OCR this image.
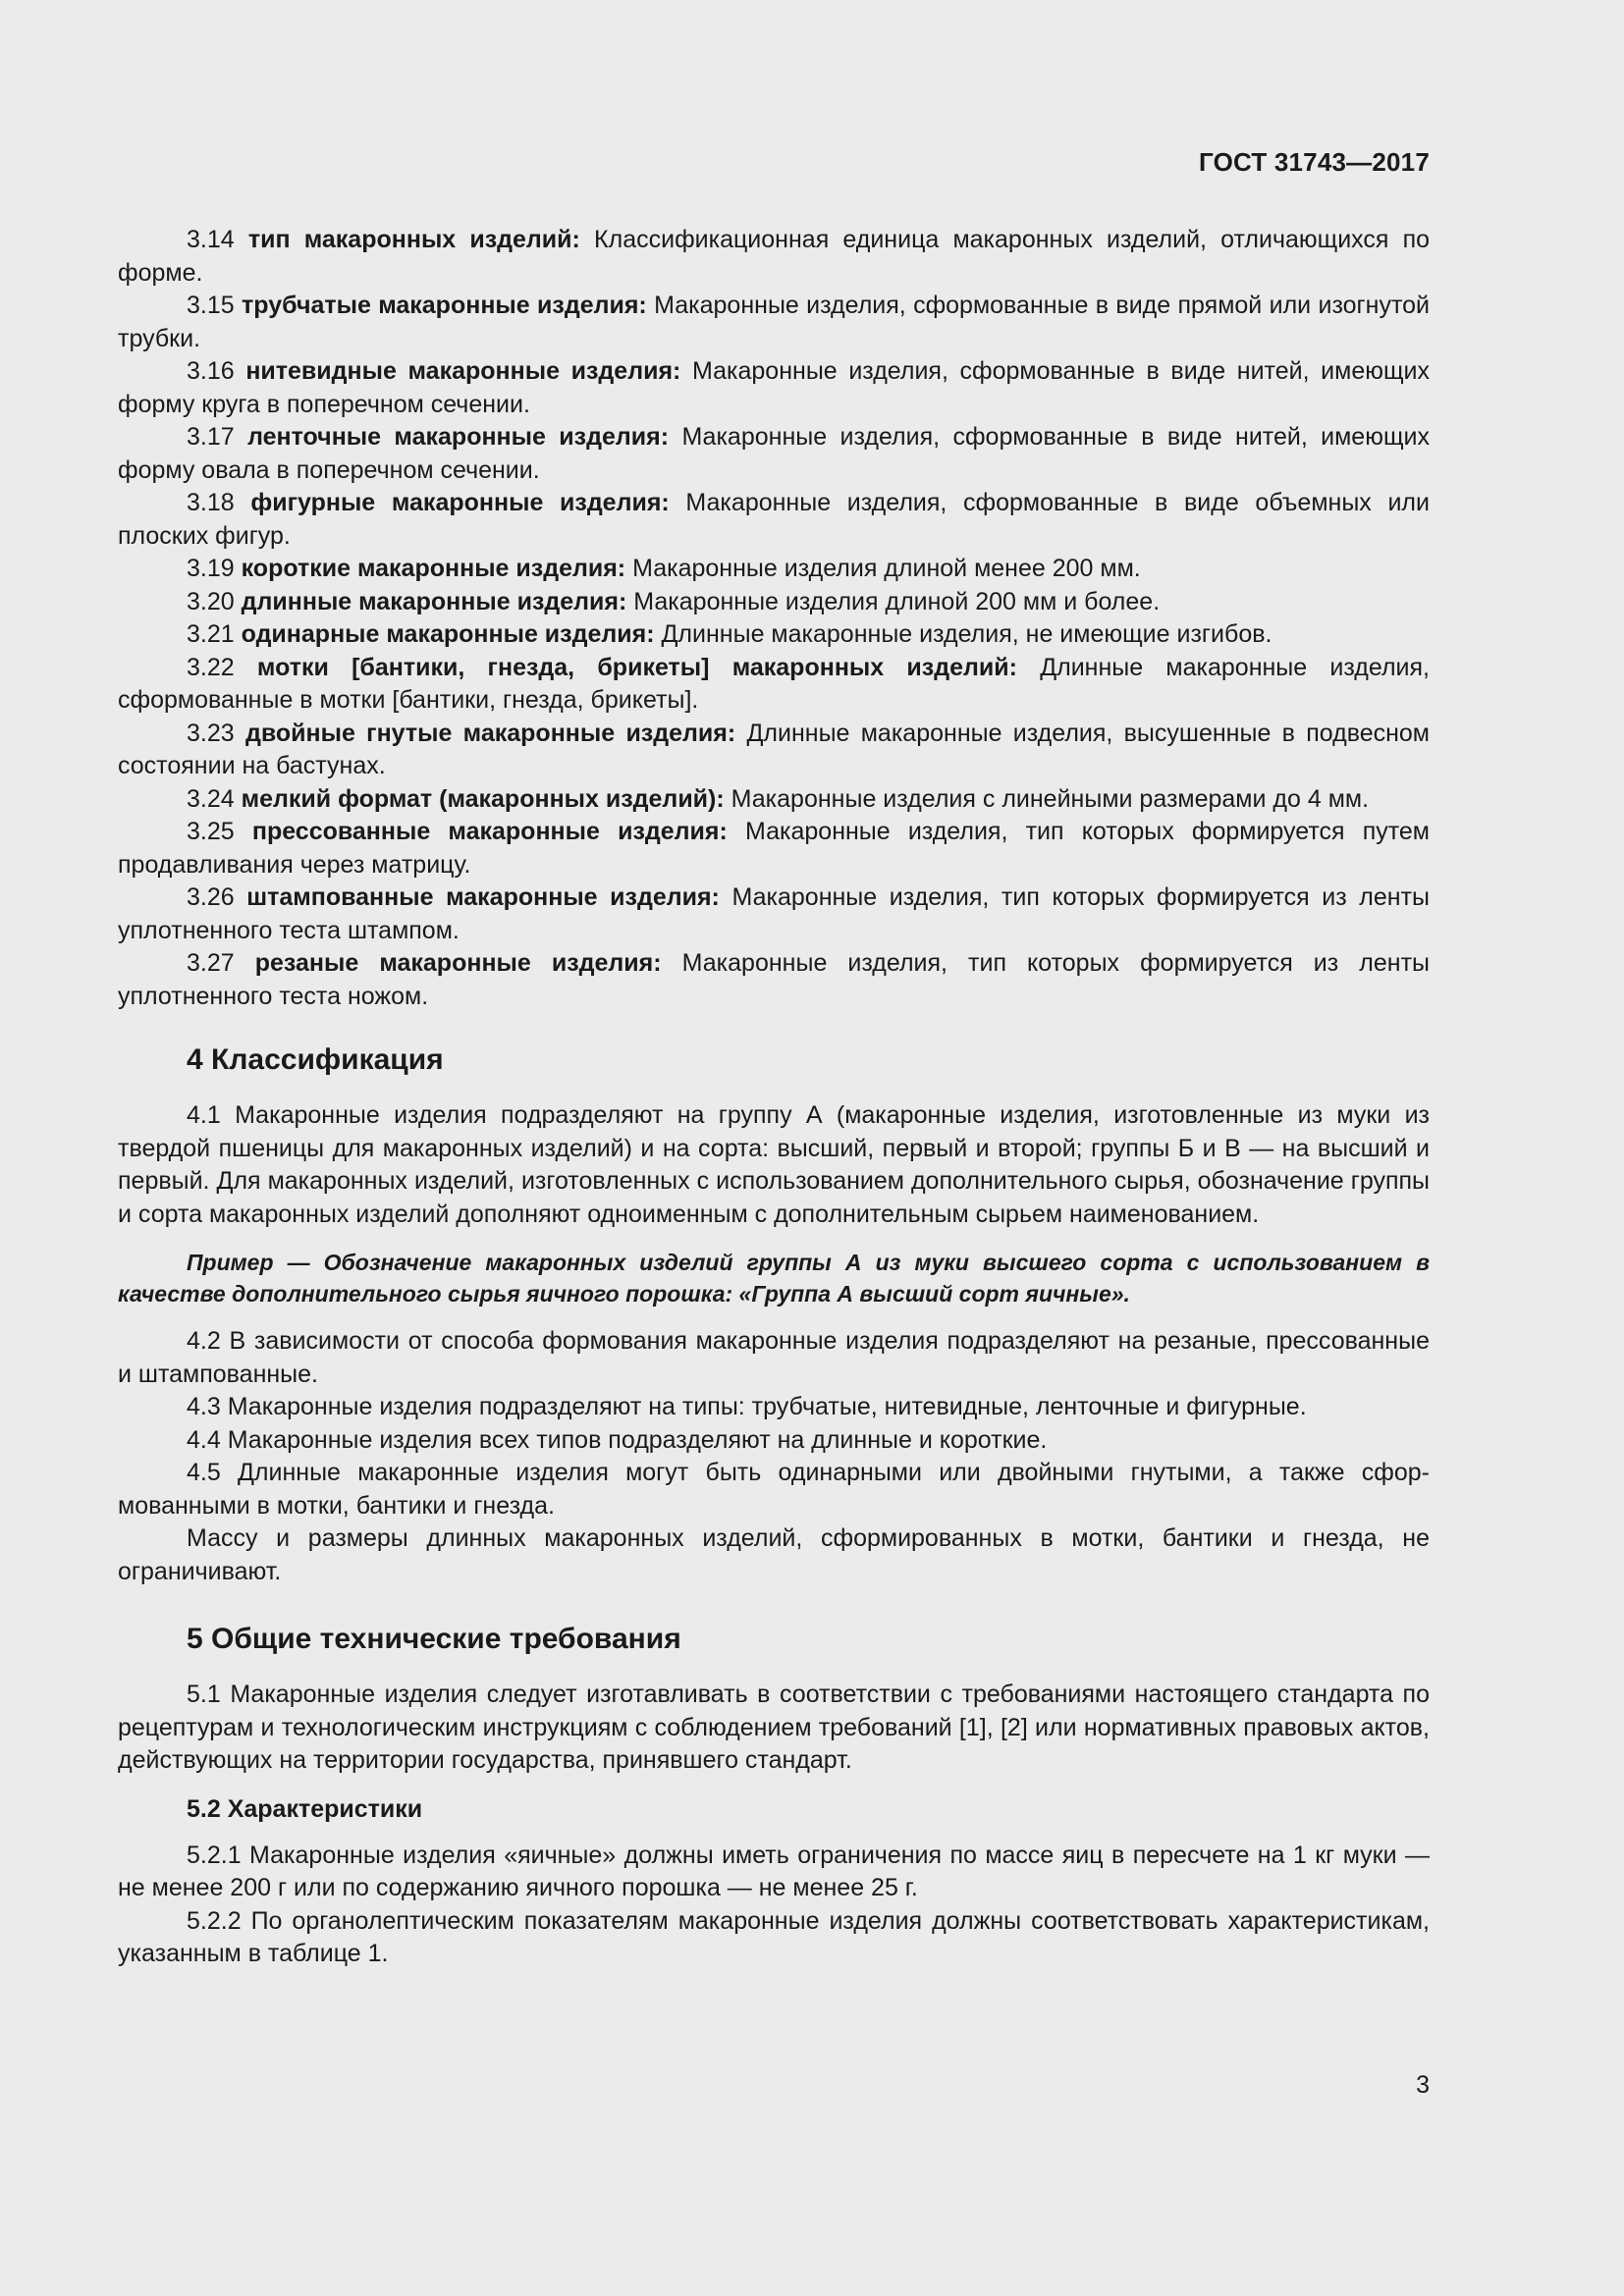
ГОСТ 31743—2017

3.14 тип макаронных изделий: Классификационная единица макаронных изделий, отличающихся по форме.

3.15 трубчатые макаронные изделия: Макаронные изделия, сформованные в виде прямой или изогнутой трубки.

3.16 нитевидные макаронные изделия: Макаронные изделия, сформованные в виде нитей, имеющих форму круга в поперечном сечении.

3.17 ленточные макаронные изделия: Макаронные изделия, сформованные в виде нитей, имеющих форму овала в поперечном сечении.

3.18 фигурные макаронные изделия: Макаронные изделия, сформованные в виде объемных или плоских фигур.

3.19 короткие макаронные изделия: Макаронные изделия длиной менее 200 мм.

3.20 длинные макаронные изделия: Макаронные изделия длиной 200 мм и более.

3.21 одинарные макаронные изделия: Длинные макаронные изделия, не имеющие изгибов.

3.22 мотки [бантики, гнезда, брикеты] макаронных изделий: Длинные макаронные изделия, сформованные в мотки [бантики, гнезда, брикеты].

3.23 двойные гнутые макаронные изделия: Длинные макаронные изделия, высушенные в подвесном состоянии на бастунах.

3.24 мелкий формат (макаронных изделий): Макаронные изделия с линейными размерами до 4 мм.

3.25 прессованные макаронные изделия: Макаронные изделия, тип которых формируется путем продавливания через матрицу.

3.26 штампованные макаронные изделия: Макаронные изделия, тип которых формируется из ленты уплотненного теста штампом.

3.27 резаные макаронные изделия: Макаронные изделия, тип которых формируется из ленты уплотненного теста ножом.

4 Классификация

4.1 Макаронные изделия подразделяют на группу А (макаронные изделия, изготовленные из муки из твердой пшеницы для макаронных изделий) и на сорта: высший, первый и второй; группы Б и В — на высший и первый. Для макаронных изделий, изготовленных с использованием дополнительного сырья, обозначение группы и сорта макаронных изделий дополняют одноименным с дополнительным сырьем наименованием.

Пример — Обозначение макаронных изделий группы А из муки высшего сорта с использованием в качестве дополнительного сырья яичного порошка: «Группа А высший сорт яичные».

4.2 В зависимости от способа формования макаронные изделия подразделяют на резаные, прессованные и штампованные.

4.3 Макаронные изделия подразделяют на типы: трубчатые, нитевидные, ленточные и фигурные.

4.4 Макаронные изделия всех типов подразделяют на длинные и короткие.

4.5 Длинные макаронные изделия могут быть одинарными или двойными гнутыми, а также сформованными в мотки, бантики и гнезда.

Массу и размеры длинных макаронных изделий, сформированных в мотки, бантики и гнезда, не ограничивают.

5 Общие технические требования

5.1 Макаронные изделия следует изготавливать в соответствии с требованиями настоящего стандарта по рецептурам и технологическим инструкциям с соблюдением требований [1], [2] или нормативных правовых актов, действующих на территории государства, принявшего стандарт.

5.2 Характеристики

5.2.1 Макаронные изделия «яичные» должны иметь ограничения по массе яиц в пересчете на 1 кг муки — не менее 200 г или по содержанию яичного порошка — не менее 25 г.

5.2.2 По органолептическим показателям макаронные изделия должны соответствовать характеристикам, указанным в таблице 1.

3
